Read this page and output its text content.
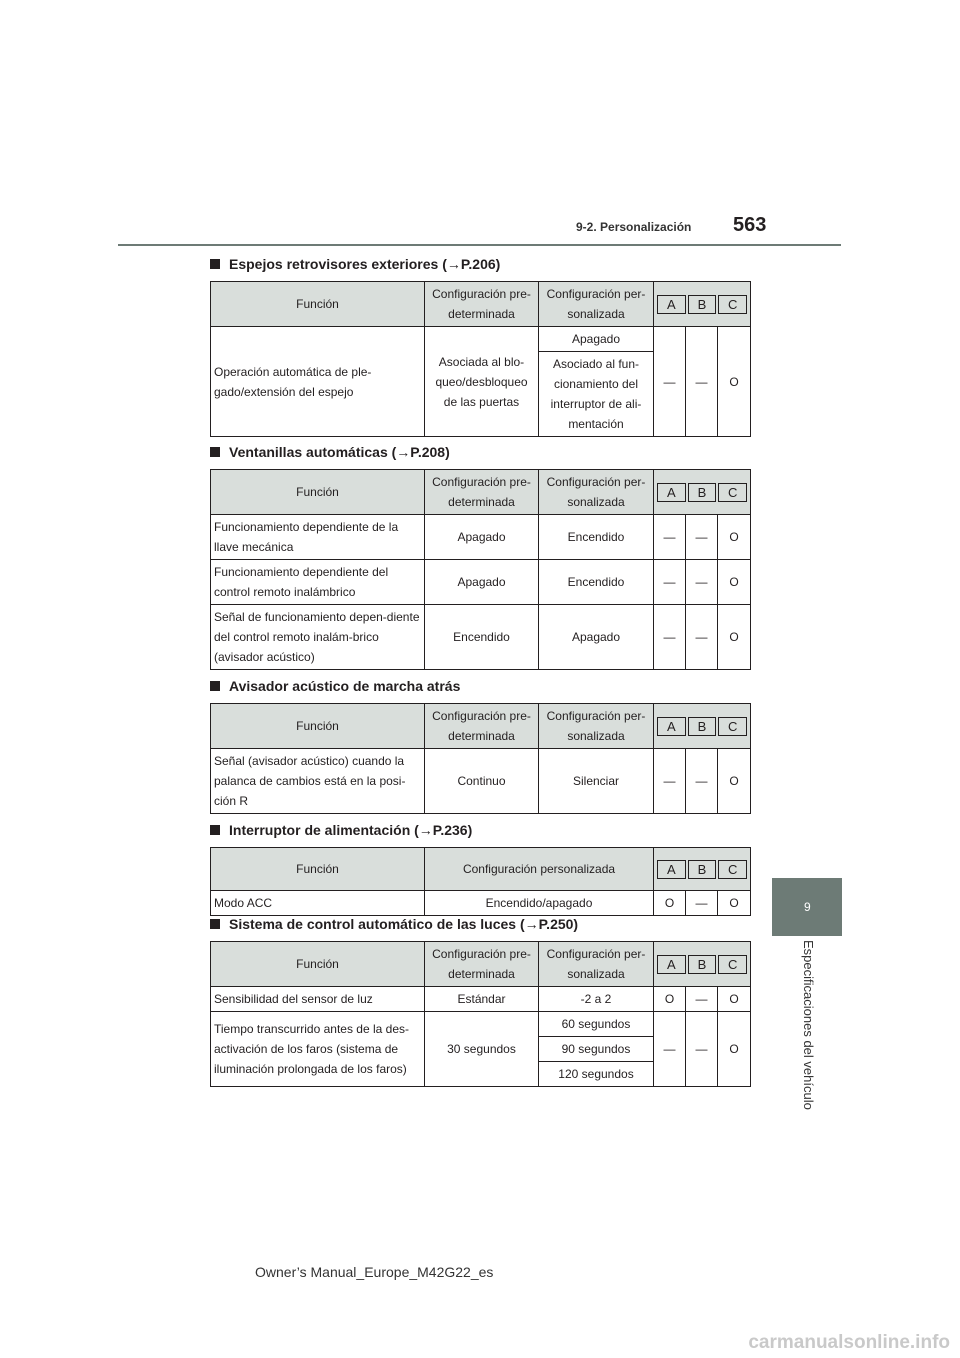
9-2. Personalización 563
9
Especificaciones del vehículo
Espejos retrovisores exteriores (→P.206)
Función	Configuración pre-determinada	Configuración per-sonalizada	A B C		

Operación automática de ple-gado/extensión del espejo	Asociada al blo-queo/desbloqueo de las puertas	Apagado	—	—	O
		Asociado al fun-cionamiento del interruptor de ali-mentación			
Ventanillas automáticas (→P.208)
Función	Configuración pre-determinada	Configuración per-sonalizada	A B C		

Funcionamiento dependiente de la llave mecánica	Apagado	Encendido	—	—	O
Funcionamiento dependiente del control remoto inalámbrico	Apagado	Encendido	—	—	O
Señal de funcionamiento depen-diente del control remoto inalám-brico (avisador acústico)	Encendido	Apagado	—	—	O
Avisador acústico de marcha atrás
Función	Configuración pre-determinada	Configuración per-sonalizada	A B C		

Señal (avisador acústico) cuando la palanca de cambios está en la posi-ción R	Continuo	Silenciar	—	—	O
Interruptor de alimentación (→P.236)
Función	Configuración personalizada	A B C		

Modo ACC	Encendido/apagado	O	—	O
Sistema de control automático de las luces (→P.250)
Función	Configuración pre-determinada	Configuración per-sonalizada	A B C		

Sensibilidad del sensor de luz	Estándar	-2 a 2	O	—	O
Tiempo transcurrido antes de la des-activación de los faros (sistema de iluminación prolongada de los faros)	30 segundos	60 segundos	—	—	O
		90 segundos			
		120 segundos			
Owner’s Manual_Europe_M42G22_es
carmanualsonline.info
